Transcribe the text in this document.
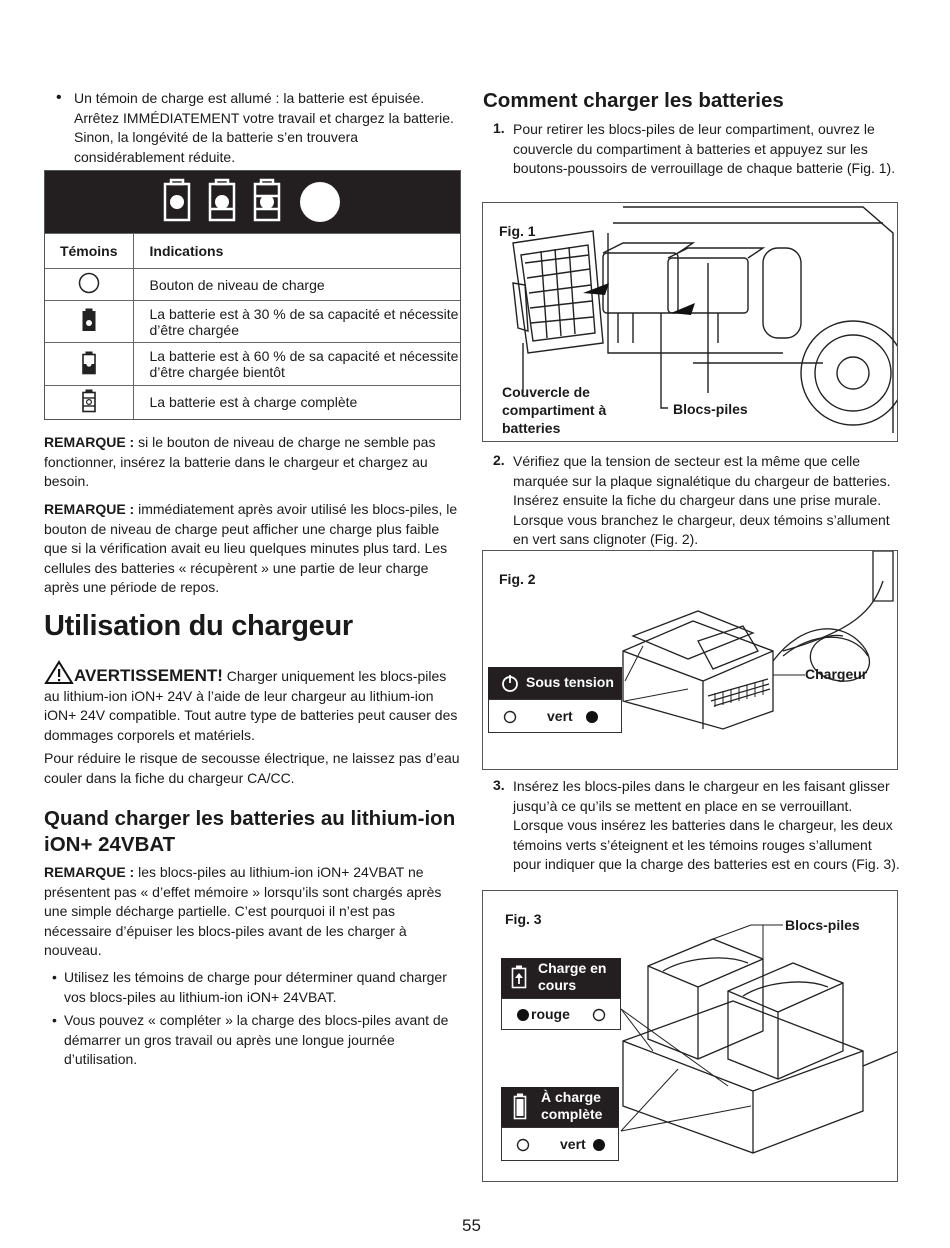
• Un témoin de charge est allumé : la batterie est épuisée. Arrêtez IMMÉDIATEMENT votre travail et chargez la batterie. Sinon, la longévité de la batterie s’en trouvera considérablement réduite.

Témoins	Indications
	Bouton de niveau de charge
	La batterie est à 30 % de sa capacité et nécessite d’être chargée
	La batterie est à 60 % de sa capacité et nécessite d’être chargée bientôt
	La batterie est à charge complète

REMARQUE : si le bouton de niveau de charge ne semble pas fonctionner, insérez la batterie dans le chargeur et chargez au besoin.

REMARQUE : immédiatement après avoir utilisé les blocs-piles, le bouton de niveau de charge peut afficher une charge plus faible que si la vérification avait eu lieu quelques minutes plus tard. Les cellules des batteries « récupèrent » une partie de leur charge après une période de repos.

Utilisation du chargeur

AVERTISSEMENT! Charger uniquement les blocs-piles au lithium-ion iON+ 24V à l’aide de leur chargeur au lithium-ion iON+ 24V compatible. Tout autre type de batteries peut causer des dommages corporels et matériels.

Pour réduire le risque de secousse électrique, ne laissez pas d’eau couler dans la fiche du chargeur CA/CC.

Quand charger les batteries au lithium-ion iON+ 24VBAT

REMARQUE : les blocs-piles au lithium-ion iON+ 24VBAT ne présentent pas « d’effet mémoire » lorsqu’ils sont chargés après une simple décharge partielle. C’est pourquoi il n’est pas nécessaire d’épuiser les blocs-piles avant de les charger à nouveau.

• Utilisez les témoins de charge pour déterminer quand charger vos blocs-piles au lithium-ion iON+ 24VBAT.
• Vous pouvez « compléter » la charge des blocs-piles avant de démarrer un gros travail ou après une longue journée d’utilisation.
Comment charger les batteries
1. Pour retirer les blocs-piles de leur compartiment, ouvrez le couvercle du compartiment à batteries et appuyez sur les boutons-poussoirs de verrouillage de chaque batterie (Fig. 1).

Fig. 1
Couvercle de compartiment à batteries
Blocs-piles
2. Vérifiez que la tension de secteur est la même que celle marquée sur la plaque signalétique du chargeur de batteries. Insérez ensuite la fiche du chargeur dans une prise murale. Lorsque vous branchez le chargeur, deux témoins s’allument en vert sans clignoter (Fig. 2).

Fig. 2
Sous tension
vert
Chargeur
3. Insérez les blocs-piles dans le chargeur en les faisant glisser jusqu’à ce qu’ils se mettent en place en se verrouillant. Lorsque vous insérez les batteries dans le chargeur, les deux témoins verts s’éteignent et les témoins rouges s’allument pour indiquer que la charge des batteries est en cours (Fig. 3).

Fig. 3	Blocs-piles
Charge en cours
rouge
À charge complète
vert
55
